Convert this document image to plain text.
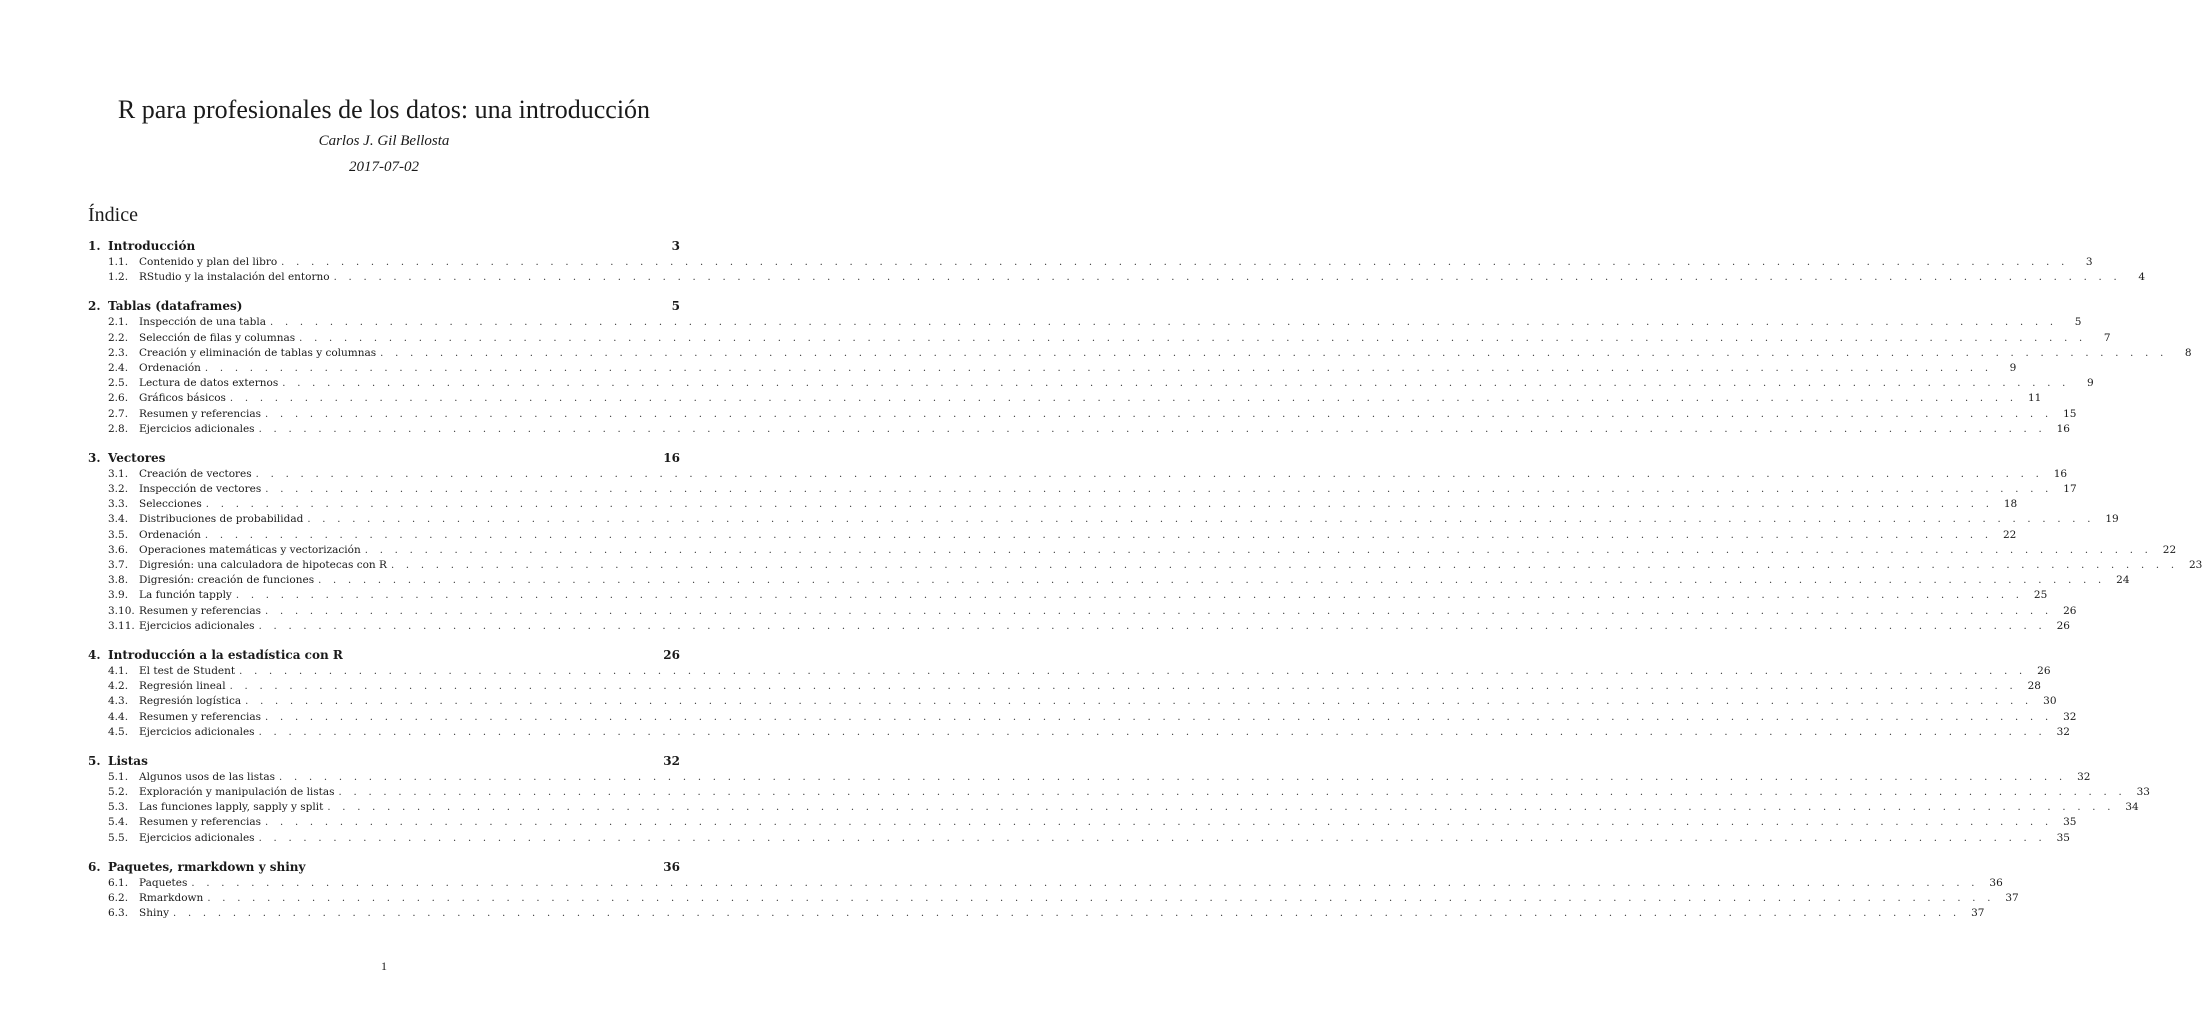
R para profesionales de los datos: una introducción
Carlos J. Gil Bellosta
2017-07-02
Índice
1. Introducción	3
1.1.	Contenido y plan del libro . . . . . . . . . . . . . . . . . . . . . . . . . . . . . . . . . . . . . . . . . . . . . . . . . . . . . . . . . . . . . . . . . . . . . . . . . . . . . . . . . . . . . . . . . . . . . . . . . . . . . . . . . . . . . . . . . . . . . . . .	3
1.2.	RStudio y la instalación del entorno . . . . . . . . . . . . . . . . . . . . . . . . . . . . . . . . . . . . . . . . . . . . . . . . . . . . . . . . . . . . . . . . . . . . . . . . . . . . . . . . . . . . . . . . . . . . . . . . . . . . . . . . . . . . . . . . . . . . . . . .	4
2. Tablas (dataframes)	5
2.1.	Inspección de una tabla . . . . . . . . . . . . . . . . . . . . . . . . . . . . . . . . . . . . . . . . . . . . . . . . . . . . . . . . . . . . . . . . . . . . . . . . . . . . . . . . . . . . . . . . . . . . . . . . . . . . . . . . . . . . . . . . . . . . . . . .	5
2.2.	Selección de filas y columnas . . . . . . . . . . . . . . . . . . . . . . . . . . . . . . . . . . . . . . . . . . . . . . . . . . . . . . . . . . . . . . . . . . . . . . . . . . . . . . . . . . . . . . . . . . . . . . . . . . . . . . . . . . . . . . . . . . . . . . . .	7
2.3.	Creación y eliminación de tablas y columnas . . . . . . . . . . . . . . . . . . . . . . . . . . . . . . . . . . . . . . . . . . . . . . . . . . . . . . . . . . . . . . . . . . . . . . . . . . . . . . . . . . . . . . . . . . . . . . . . . . . . . . . . . . . . . . . . . . . . . . . .	8
2.4.	Ordenación . . . . . . . . . . . . . . . . . . . . . . . . . . . . . . . . . . . . . . . . . . . . . . . . . . . . . . . . . . . . . . . . . . . . . . . . . . . . . . . . . . . . . . . . . . . . . . . . . . . . . . . . . . . . . . . . . . . . . . . .	9
2.5.	Lectura de datos externos . . . . . . . . . . . . . . . . . . . . . . . . . . . . . . . . . . . . . . . . . . . . . . . . . . . . . . . . . . . . . . . . . . . . . . . . . . . . . . . . . . . . . . . . . . . . . . . . . . . . . . . . . . . . . . . . . . . . . . . .	9
2.6.	Gráficos básicos . . . . . . . . . . . . . . . . . . . . . . . . . . . . . . . . . . . . . . . . . . . . . . . . . . . . . . . . . . . . . . . . . . . . . . . . . . . . . . . . . . . . . . . . . . . . . . . . . . . . . . . . . . . . . . . . . . . . . . . .	11
2.7.	Resumen y referencias . . . . . . . . . . . . . . . . . . . . . . . . . . . . . . . . . . . . . . . . . . . . . . . . . . . . . . . . . . . . . . . . . . . . . . . . . . . . . . . . . . . . . . . . . . . . . . . . . . . . . . . . . . . . . . . . . . . . . . . .	15
2.8.	Ejercicios adicionales . . . . . . . . . . . . . . . . . . . . . . . . . . . . . . . . . . . . . . . . . . . . . . . . . . . . . . . . . . . . . . . . . . . . . . . . . . . . . . . . . . . . . . . . . . . . . . . . . . . . . . . . . . . . . . . . . . . . . . . .	16
3. Vectores	16
3.1.	Creación de vectores . . . . . . . . . . . . . . . . . . . . . . . . . . . . . . . . . . . . . . . . . . . . . . . . . . . . . . . . . . . . . . . . . . . . . . . . . . . . . . . . . . . . . . . . . . . . . . . . . . . . . . . . . . . . . . . . . . . . . . . .	16
3.2.	Inspección de vectores . . . . . . . . . . . . . . . . . . . . . . . . . . . . . . . . . . . . . . . . . . . . . . . . . . . . . . . . . . . . . . . . . . . . . . . . . . . . . . . . . . . . . . . . . . . . . . . . . . . . . . . . . . . . . . . . . . . . . . . .	17
3.3.	Selecciones . . . . . . . . . . . . . . . . . . . . . . . . . . . . . . . . . . . . . . . . . . . . . . . . . . . . . . . . . . . . . . . . . . . . . . . . . . . . . . . . . . . . . . . . . . . . . . . . . . . . . . . . . . . . . . . . . . . . . . . .	18
3.4.	Distribuciones de probabilidad . . . . . . . . . . . . . . . . . . . . . . . . . . . . . . . . . . . . . . . . . . . . . . . . . . . . . . . . . . . . . . . . . . . . . . . . . . . . . . . . . . . . . . . . . . . . . . . . . . . . . . . . . . . . . . . . . . . . . . . .	19
3.5.	Ordenación . . . . . . . . . . . . . . . . . . . . . . . . . . . . . . . . . . . . . . . . . . . . . . . . . . . . . . . . . . . . . . . . . . . . . . . . . . . . . . . . . . . . . . . . . . . . . . . . . . . . . . . . . . . . . . . . . . . . . . . .	22
3.6.	Operaciones matemáticas y vectorización . . . . . . . . . . . . . . . . . . . . . . . . . . . . . . . . . . . . . . . . . . . . . . . . . . . . . . . . . . . . . . . . . . . . . . . . . . . . . . . . . . . . . . . . . . . . . . . . . . . . . . . . . . . . . . . . . . . . . . . .	22
3.7.	Digresión: una calculadora de hipotecas con R . . . . . . . . . . . . . . . . . . . . . . . . . . . . . . . . . . . . . . . . . . . . . . . . . . . . . . . . . . . . . . . . . . . . . . . . . . . . . . . . . . . . . . . . . . . . . . . . . . . . . . . . . . . . . . . . . . . . . . . .	23
3.8.	Digresión: creación de funciones . . . . . . . . . . . . . . . . . . . . . . . . . . . . . . . . . . . . . . . . . . . . . . . . . . . . . . . . . . . . . . . . . . . . . . . . . . . . . . . . . . . . . . . . . . . . . . . . . . . . . . . . . . . . . . . . . . . . . . . .	24
3.9.	La función tapply . . . . . . . . . . . . . . . . . . . . . . . . . . . . . . . . . . . . . . . . . . . . . . . . . . . . . . . . . . . . . . . . . . . . . . . . . . . . . . . . . . . . . . . . . . . . . . . . . . . . . . . . . . . . . . . . . . . . . . . .	25
3.10. Resumen y referencias . . . . . . . . . . . . . . . . . . . . . . . . . . . . . . . . . . . . . . . . . . . . . . . . . . . . . . . . . . . . . . . . . . . . . . . . . . . . . . . . . . . . . . . . . . . . . . . . . . . . . . . . . . . . . . . . . . . . . . . .	26
3.11. Ejercicios adicionales . . . . . . . . . . . . . . . . . . . . . . . . . . . . . . . . . . . . . . . . . . . . . . . . . . . . . . . . . . . . . . . . . . . . . . . . . . . . . . . . . . . . . . . . . . . . . . . . . . . . . . . . . . . . . . . . . . . . . . . .	26
4. Introducción a la estadística con R	26
4.1.	El test de Student . . . . . . . . . . . . . . . . . . . . . . . . . . . . . . . . . . . . . . . . . . . . . . . . . . . . . . . . . . . . . . . . . . . . . . . . . . . . . . . . . . . . . . . . . . . . . . . . . . . . . . . . . . . . . . . . . . . . . . . .	26
4.2.	Regresión lineal . . . . . . . . . . . . . . . . . . . . . . . . . . . . . . . . . . . . . . . . . . . . . . . . . . . . . . . . . . . . . . . . . . . . . . . . . . . . . . . . . . . . . . . . . . . . . . . . . . . . . . . . . . . . . . . . . . . . . . . .	28
4.3.	Regresión logística . . . . . . . . . . . . . . . . . . . . . . . . . . . . . . . . . . . . . . . . . . . . . . . . . . . . . . . . . . . . . . . . . . . . . . . . . . . . . . . . . . . . . . . . . . . . . . . . . . . . . . . . . . . . . . . . . . . . . . . .	30
4.4.	Resumen y referencias . . . . . . . . . . . . . . . . . . . . . . . . . . . . . . . . . . . . . . . . . . . . . . . . . . . . . . . . . . . . . . . . . . . . . . . . . . . . . . . . . . . . . . . . . . . . . . . . . . . . . . . . . . . . . . . . . . . . . . . .	32
4.5.	Ejercicios adicionales . . . . . . . . . . . . . . . . . . . . . . . . . . . . . . . . . . . . . . . . . . . . . . . . . . . . . . . . . . . . . . . . . . . . . . . . . . . . . . . . . . . . . . . . . . . . . . . . . . . . . . . . . . . . . . . . . . . . . . . .	32
5. Listas	32
5.1.	Algunos usos de las listas . . . . . . . . . . . . . . . . . . . . . . . . . . . . . . . . . . . . . . . . . . . . . . . . . . . . . . . . . . . . . . . . . . . . . . . . . . . . . . . . . . . . . . . . . . . . . . . . . . . . . . . . . . . . . . . . . . . . . . . .	32
5.2.	Exploración y manipulación de listas . . . . . . . . . . . . . . . . . . . . . . . . . . . . . . . . . . . . . . . . . . . . . . . . . . . . . . . . . . . . . . . . . . . . . . . . . . . . . . . . . . . . . . . . . . . . . . . . . . . . . . . . . . . . . . . . . . . . . . . .	33
5.3.	Las funciones lapply, sapply y split . . . . . . . . . . . . . . . . . . . . . . . . . . . . . . . . . . . . . . . . . . . . . . . . . . . . . . . . . . . . . . . . . . . . . . . . . . . . . . . . . . . . . . . . . . . . . . . . . . . . . . . . . . . . . . . . . . . . . . . .	34
5.4.	Resumen y referencias . . . . . . . . . . . . . . . . . . . . . . . . . . . . . . . . . . . . . . . . . . . . . . . . . . . . . . . . . . . . . . . . . . . . . . . . . . . . . . . . . . . . . . . . . . . . . . . . . . . . . . . . . . . . . . . . . . . . . . . .	35
5.5.	Ejercicios adicionales . . . . . . . . . . . . . . . . . . . . . . . . . . . . . . . . . . . . . . . . . . . . . . . . . . . . . . . . . . . . . . . . . . . . . . . . . . . . . . . . . . . . . . . . . . . . . . . . . . . . . . . . . . . . . . . . . . . . . . . .	35
6. Paquetes, rmarkdown y shiny	36
6.1.	Paquetes . . . . . . . . . . . . . . . . . . . . . . . . . . . . . . . . . . . . . . . . . . . . . . . . . . . . . . . . . . . . . . . . . . . . . . . . . . . . . . . . . . . . . . . . . . . . . . . . . . . . . . . . . . . . . . . . . . . . . . . .	36
6.2.	Rmarkdown . . . . . . . . . . . . . . . . . . . . . . . . . . . . . . . . . . . . . . . . . . . . . . . . . . . . . . . . . . . . . . . . . . . . . . . . . . . . . . . . . . . . . . . . . . . . . . . . . . . . . . . . . . . . . . . . . . . . . . . .	37
6.3.	Shiny . . . . . . . . . . . . . . . . . . . . . . . . . . . . . . . . . . . . . . . . . . . . . . . . . . . . . . . . . . . . . . . . . . . . . . . . . . . . . . . . . . . . . . . . . . . . . . . . . . . . . . . . . . . . . . . . . . . . . . . .	37
1
